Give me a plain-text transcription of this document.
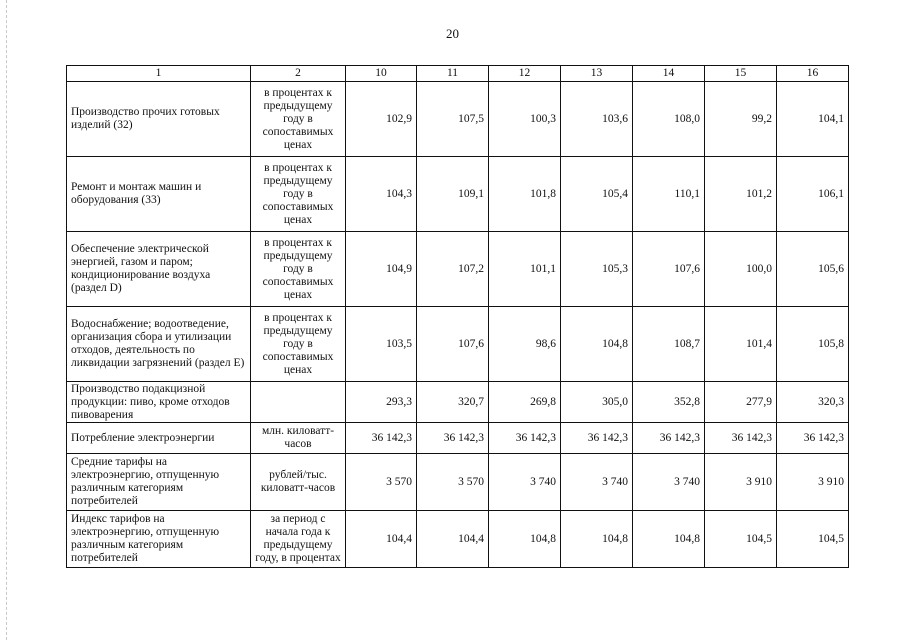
20
1	2	10	11	12	13	14	15	16
Производство прочих готовых изделий (32)	в процентах к предыдущему году в сопоставимых ценах	102,9	107,5	100,3	103,6	108,0	99,2	104,1
Ремонт и монтаж машин и оборудования (33)	в процентах к предыдущему году в сопоставимых ценах	104,3	109,1	101,8	105,4	110,1	101,2	106,1
Обеспечение электрической энергией, газом и паром; кондиционирование воздуха (раздел D)	в процентах к предыдущему году в сопоставимых ценах	104,9	107,2	101,1	105,3	107,6	100,0	105,6
Водоснабжение; водоотведение, организация сбора и утилизации отходов, деятельность по ликвидации загрязнений (раздел E)	в процентах к предыдущему году в сопоставимых ценах	103,5	107,6	98,6	104,8	108,7	101,4	105,8
Производство подакцизной продукции: пиво, кроме отходов пивоварения		293,3	320,7	269,8	305,0	352,8	277,9	320,3
Потребление электроэнергии	млн. киловатт-часов	36 142,3	36 142,3	36 142,3	36 142,3	36 142,3	36 142,3	36 142,3
Средние тарифы на электроэнергию, отпущенную различным категориям потребителей	рублей/тыс. киловатт-часов	3 570	3 570	3 740	3 740	3 740	3 910	3 910
Индекс тарифов на электроэнергию, отпущенную различным категориям потребителей	за период с начала года к предыдущему году, в процентах	104,4	104,4	104,8	104,8	104,8	104,5	104,5
